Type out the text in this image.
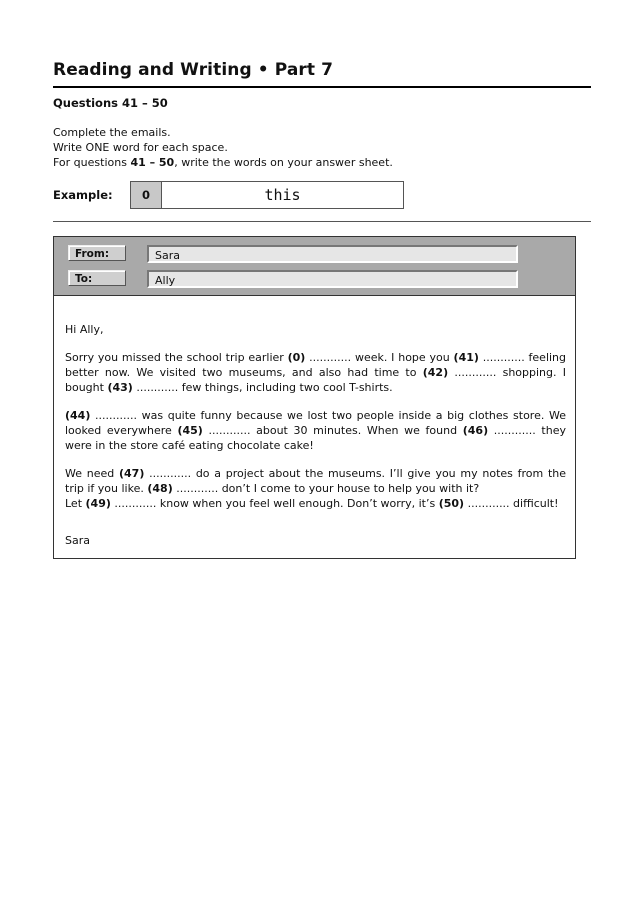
Reading and Writing • Part 7
Questions 41 – 50
Complete the emails.
Write ONE word for each space.
For questions 41 – 50, write the words on your answer sheet.
Example:	0	this
From:	Sara
To:	Ally

Hi Ally,

Sorry you missed the school trip earlier (0) ............ week. I hope you (41) ............ feeling better now. We visited two museums, and also had time to (42) ............ shopping. I bought (43) ............ few things, including two cool T-shirts.

(44) ............ was quite funny because we lost two people inside a big clothes store. We looked everywhere (45) ............ about 30 minutes. When we found (46) ............ they were in the store café eating chocolate cake!

We need (47) ............ do a project about the museums. I’ll give you my notes from the trip if you like. (48) ............ don’t I come to your house to help you with it?
Let (49) ............ know when you feel well enough. Don’t worry, it’s (50) ............ difficult!

Sara
